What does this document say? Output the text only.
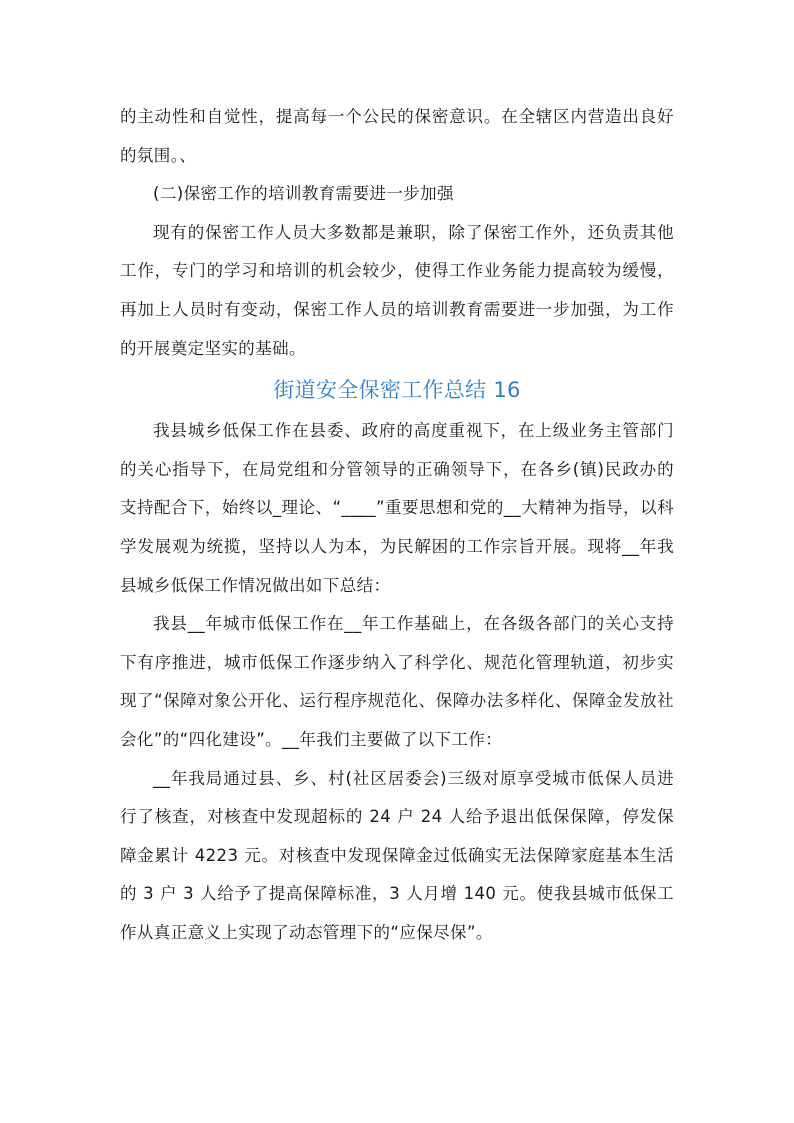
的主动性和自觉性，提高每一个公民的保密意识。在全辖区内营造出良好的氛围。、

(二)保密工作的培训教育需要进一步加强

现有的保密工作人员大多数都是兼职，除了保密工作外，还负责其他工作，专门的学习和培训的机会较少，使得工作业务能力提高较为缓慢，再加上人员时有变动，保密工作人员的培训教育需要进一步加强，为工作的开展奠定坚实的基础。

街道安全保密工作总结 16

我县城乡低保工作在县委、政府的高度重视下，在上级业务主管部门的关心指导下，在局党组和分管领导的正确领导下，在各乡(镇)民政办的支持配合下，始终以_理论、“____”重要思想和党的__大精神为指导，以科学发展观为统揽，坚持以人为本，为民解困的工作宗旨开展。现将__年我县城乡低保工作情况做出如下总结：

我县__年城市低保工作在__年工作基础上，在各级各部门的关心支持下有序推进，城市低保工作逐步纳入了科学化、规范化管理轨道，初步实现了“保障对象公开化、运行程序规范化、保障办法多样化、保障金发放社会化”的“四化建设”。__年我们主要做了以下工作：

__年我局通过县、乡、村(社区居委会)三级对原享受城市低保人员进行了核查，对核查中发现超标的 24 户 24 人给予退出低保保障，停发保障金累计 4223 元。对核查中发现保障金过低确实无法保障家庭基本生活的 3 户 3 人给予了提高保障标准，3 人月增 140 元。使我县城市低保工作从真正意义上实现了动态管理下的“应保尽保”。
